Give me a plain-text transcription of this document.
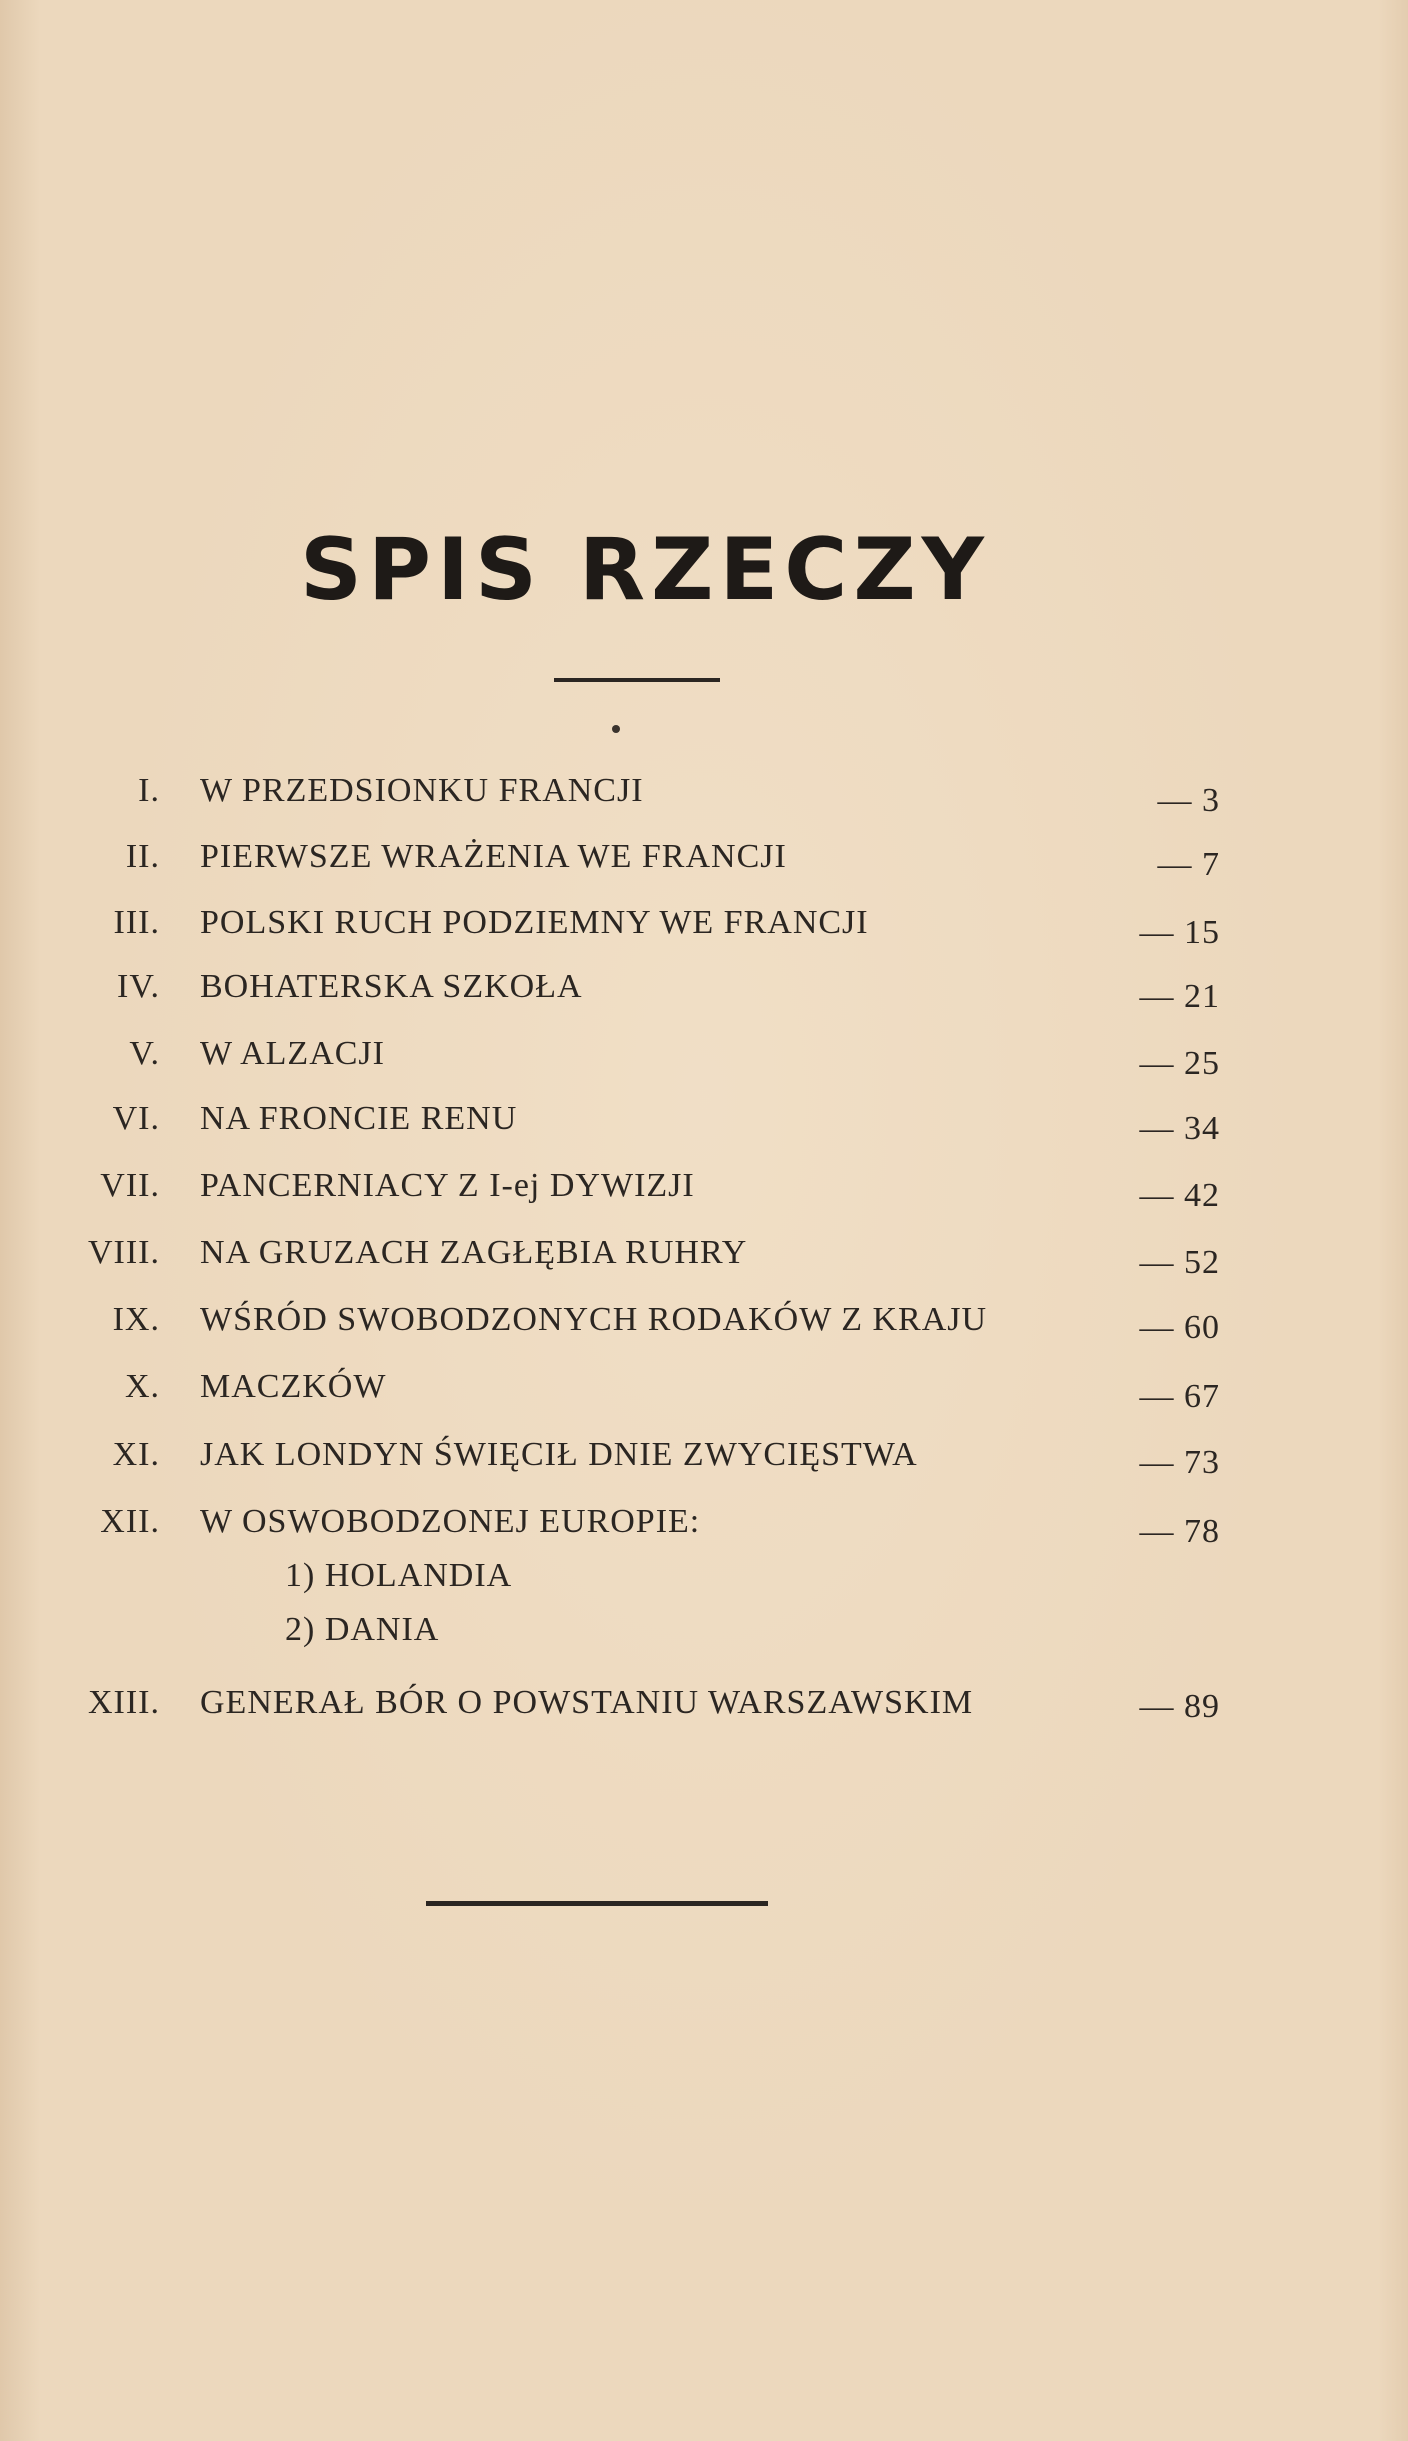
SPIS RZECZY
I. W PRZEDSIONKU FRANCJI	— 3
II. PIERWSZE WRAŻENIA WE FRANCJI	— 7
III. POLSKI RUCH PODZIEMNY WE FRANCJI	— 15
IV. BOHATERSKA SZKOŁA	— 21
V. W ALZACJI	— 25
VI. NA FRONCIE RENU	— 34
VII. PANCERNIACY Z I-ej DYWIZJI	— 42
VIII. NA GRUZACH ZAGŁĘBIA RUHRY	— 52
IX. WŚRÓD SWOBODZONYCH RODAKÓW Z KRAJU	— 60
X. MACZKÓW	— 67
XI. JAK LONDYN ŚWIĘCIŁ DNIE ZWYCIĘSTWA	— 73
XII. W OSWOBODZONEJ EUROPIE:	— 78
1) HOLANDIA
2) DANIA
XIII. GENERAŁ BÓR O POWSTANIU WARSZAWSKIM	— 89
